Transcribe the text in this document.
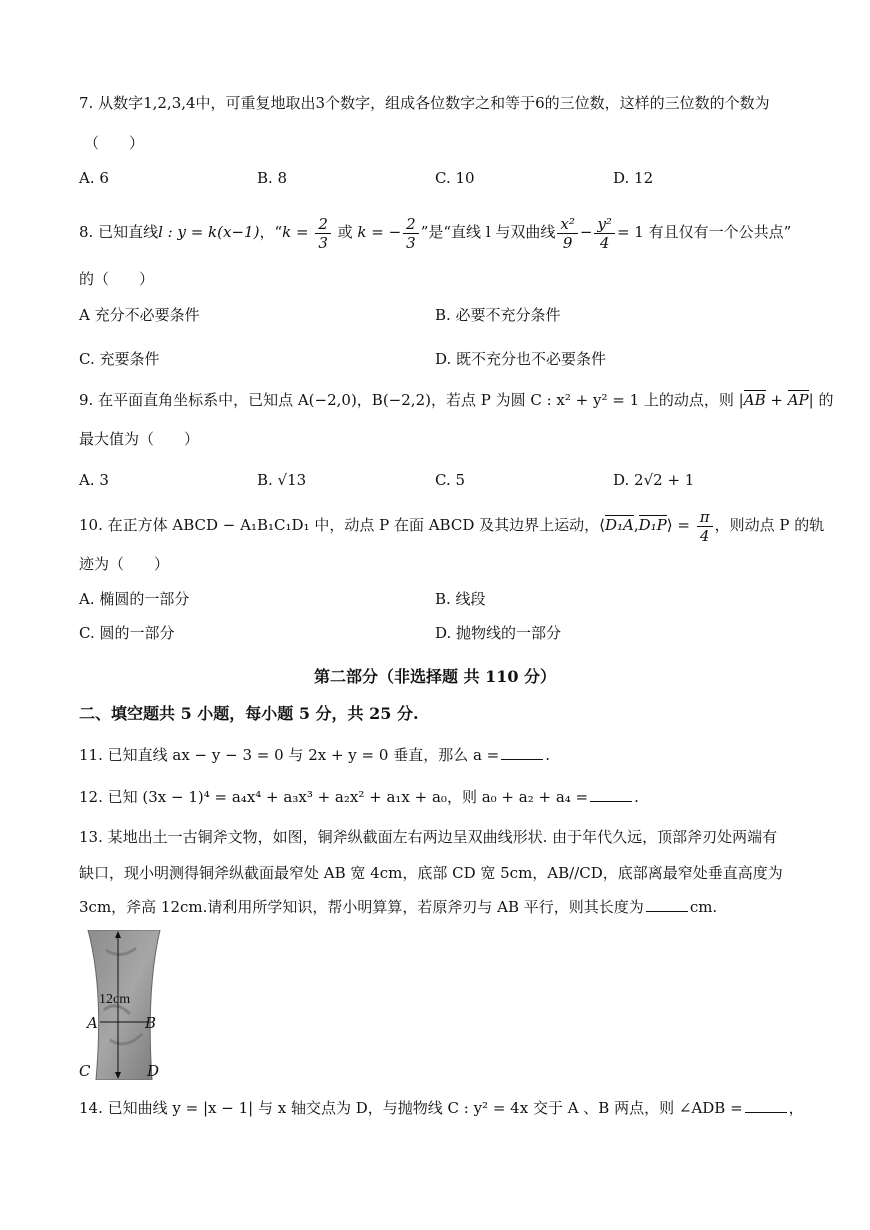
7. 从数字1,2,3,4中，可重复地取出3个数字，组成各位数字之和等于6的三位数，这样的三位数的个数为
（　　）
A. 6	B. 8	C. 10	D. 12
8. 已知直线l : y = k(x−1)，“$k = \frac{2}{3}$ 或 k = − $\frac{2}{3}$ ”是“直线 l 与双曲线 $\frac{\text{x²}}{9} - \frac{\text{y²}}{4} = 1$ 有且仅有一个公共点”
的（　　）
A 充分不必要条件	B. 必要不充分条件
C. 充要条件	D. 既不充分也不必要条件
9. 在平面直角坐标系中，已知点 A(−2,0)，B(−2,2)，若点 P 为圆 C : x² + y² = 1 上的动点，则 |AB + AP| 的
最大值为（　　）
A. 3	B. √13	C. 5	D. 2√2 + 1
10. 在正方体 ABCD − A₁B₁C₁D₁ 中，动点 P 在面 ABCD 及其边界上运动，⟨D₁A,D₁P⟩ = $\frac{\pi}{4}$ ，则动点 P 的轨
迹为（　　）
A. 椭圆的一部分	B. 线段
C. 圆的一部分	D. 抛物线的一部分
第二部分（非选择题 共 110 分）
二、填空题共 5 小题，每小题 5 分，共 25 分.
11. 已知直线 ax − y − 3 = 0 与 2x + y = 0 垂直，那么 a =	.
12. 已知 (3x − 1)⁴ = a₄x⁴ + a₃x³ + a₂x² + a₁x + a₀，则 a₀ + a₂ + a₄ =	.
13. 某地出土一古铜斧文物，如图，铜斧纵截面左右两边呈双曲线形状. 由于年代久远，顶部斧刃处两端有
缺口，现小明测得铜斧纵截面最窄处 AB 宽 4cm，底部 CD 宽 5cm，AB//CD，底部离最窄处垂直高度为
3cm，斧高 12cm.请利用所学知识，帮小明算算，若原斧刃与 AB 平行，则其长度为	cm.
12cm
A	B
C	D
14. 已知曲线 y = |x − 1| 与 x 轴交点为 D，与抛物线 C : y² = 4x 交于 A 、B 两点，则 ∠ADB =	，
